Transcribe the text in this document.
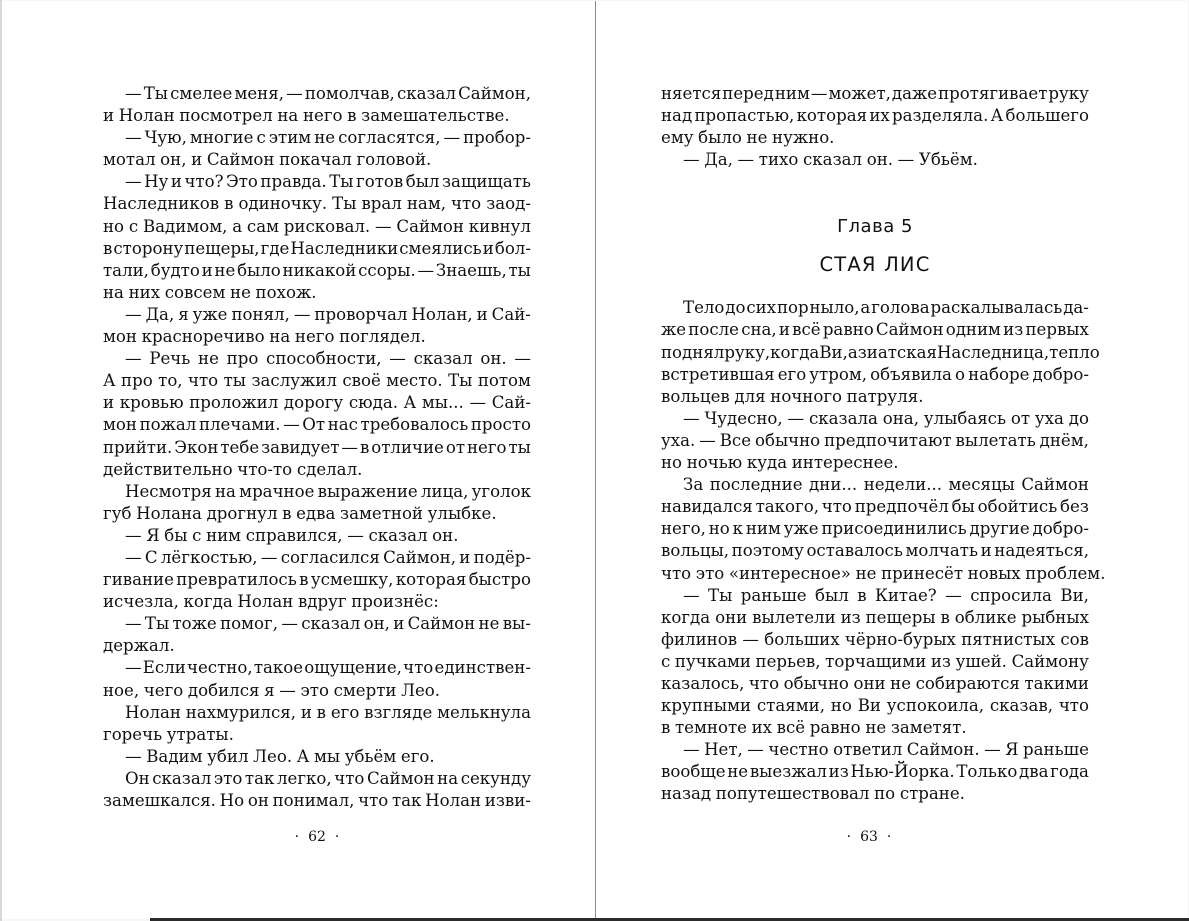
— Ты смелее меня, — помолчав, сказал Саймон,
и Нолан посмотрел на него в замешательстве.
— Чую, многие с этим не согласятся, — пробор-
мотал он, и Саймон покачал головой.
— Ну и что? Это правда. Ты готов был защищать
Наследников в одиночку. Ты врал нам, что заод-
но с Вадимом, а сам рисковал. — Саймон кивнул
в сторону пещеры, где Наследники смеялись и бол-
тали, будто и не было никакой ссоры. — Знаешь, ты
на них совсем не похож.
— Да, я уже понял, — проворчал Нолан, и Сай-
мон красноречиво на него поглядел.
— Речь не про способности, — сказал он. —
А про то, что ты заслужил своё место. Ты потом
и кровью проложил дорогу сюда. А мы... — Сай-
мон пожал плечами. — От нас требовалось просто
прийти. Экон тебе завидует — в отличие от него ты
действительно что-то сделал.
Несмотря на мрачное выражение лица, уголок
губ Нолана дрогнул в едва заметной улыбке.
— Я бы с ним справился, — сказал он.
— С лёгкостью, — согласился Саймон, и подёр-
гивание превратилось в усмешку, которая быстро
исчезла, когда Нолан вдруг произнёс:
— Ты тоже помог, — сказал он, и Саймон не вы-
держал.
— Если честно, такое ощущение, что единствен-
ное, чего добился я — это смерти Лео.
Нолан нахмурился, и в его взгляде мелькнула
горечь утраты.
— Вадим убил Лео. А мы убьём его.
Он сказал это так легко, что Саймон на секунду
замешкался. Но он понимал, что так Нолан изви-
· 62 ·
няется перед ним — может, даже протягивает руку
над пропастью, которая их разделяла. А большего
ему было не нужно.
— Да, — тихо сказал он. — Убьём.
Глава 5
СТАЯ ЛИС
Тело до сих пор ныло, а голова раскалывалась да-
же после сна, и всё равно Саймон одним из первых
поднял руку, когда Ви, азиатская Наследница, тепло
встретившая его утром, объявила о наборе добро-
вольцев для ночного патруля.
— Чудесно, — сказала она, улыбаясь от уха до
уха. — Все обычно предпочитают вылетать днём,
но ночью куда интереснее.
За последние дни... недели... месяцы Саймон
навидался такого, что предпочёл бы обойтись без
него, но к ним уже присоединились другие добро-
вольцы, поэтому оставалось молчать и надеяться,
что это «интересное» не принесёт новых проблем.
— Ты раньше был в Китае? — спросила Ви,
когда они вылетели из пещеры в облике рыбных
филинов — больших чёрно-бурых пятнистых сов
с пучками перьев, торчащими из ушей. Саймону
казалось, что обычно они не собираются такими
крупными стаями, но Ви успокоила, сказав, что
в темноте их всё равно не заметят.
— Нет, — честно ответил Саймон. — Я раньше
вообще не выезжал из Нью-Йорка. Только два года
назад попутешествовал по стране.
· 63 ·
